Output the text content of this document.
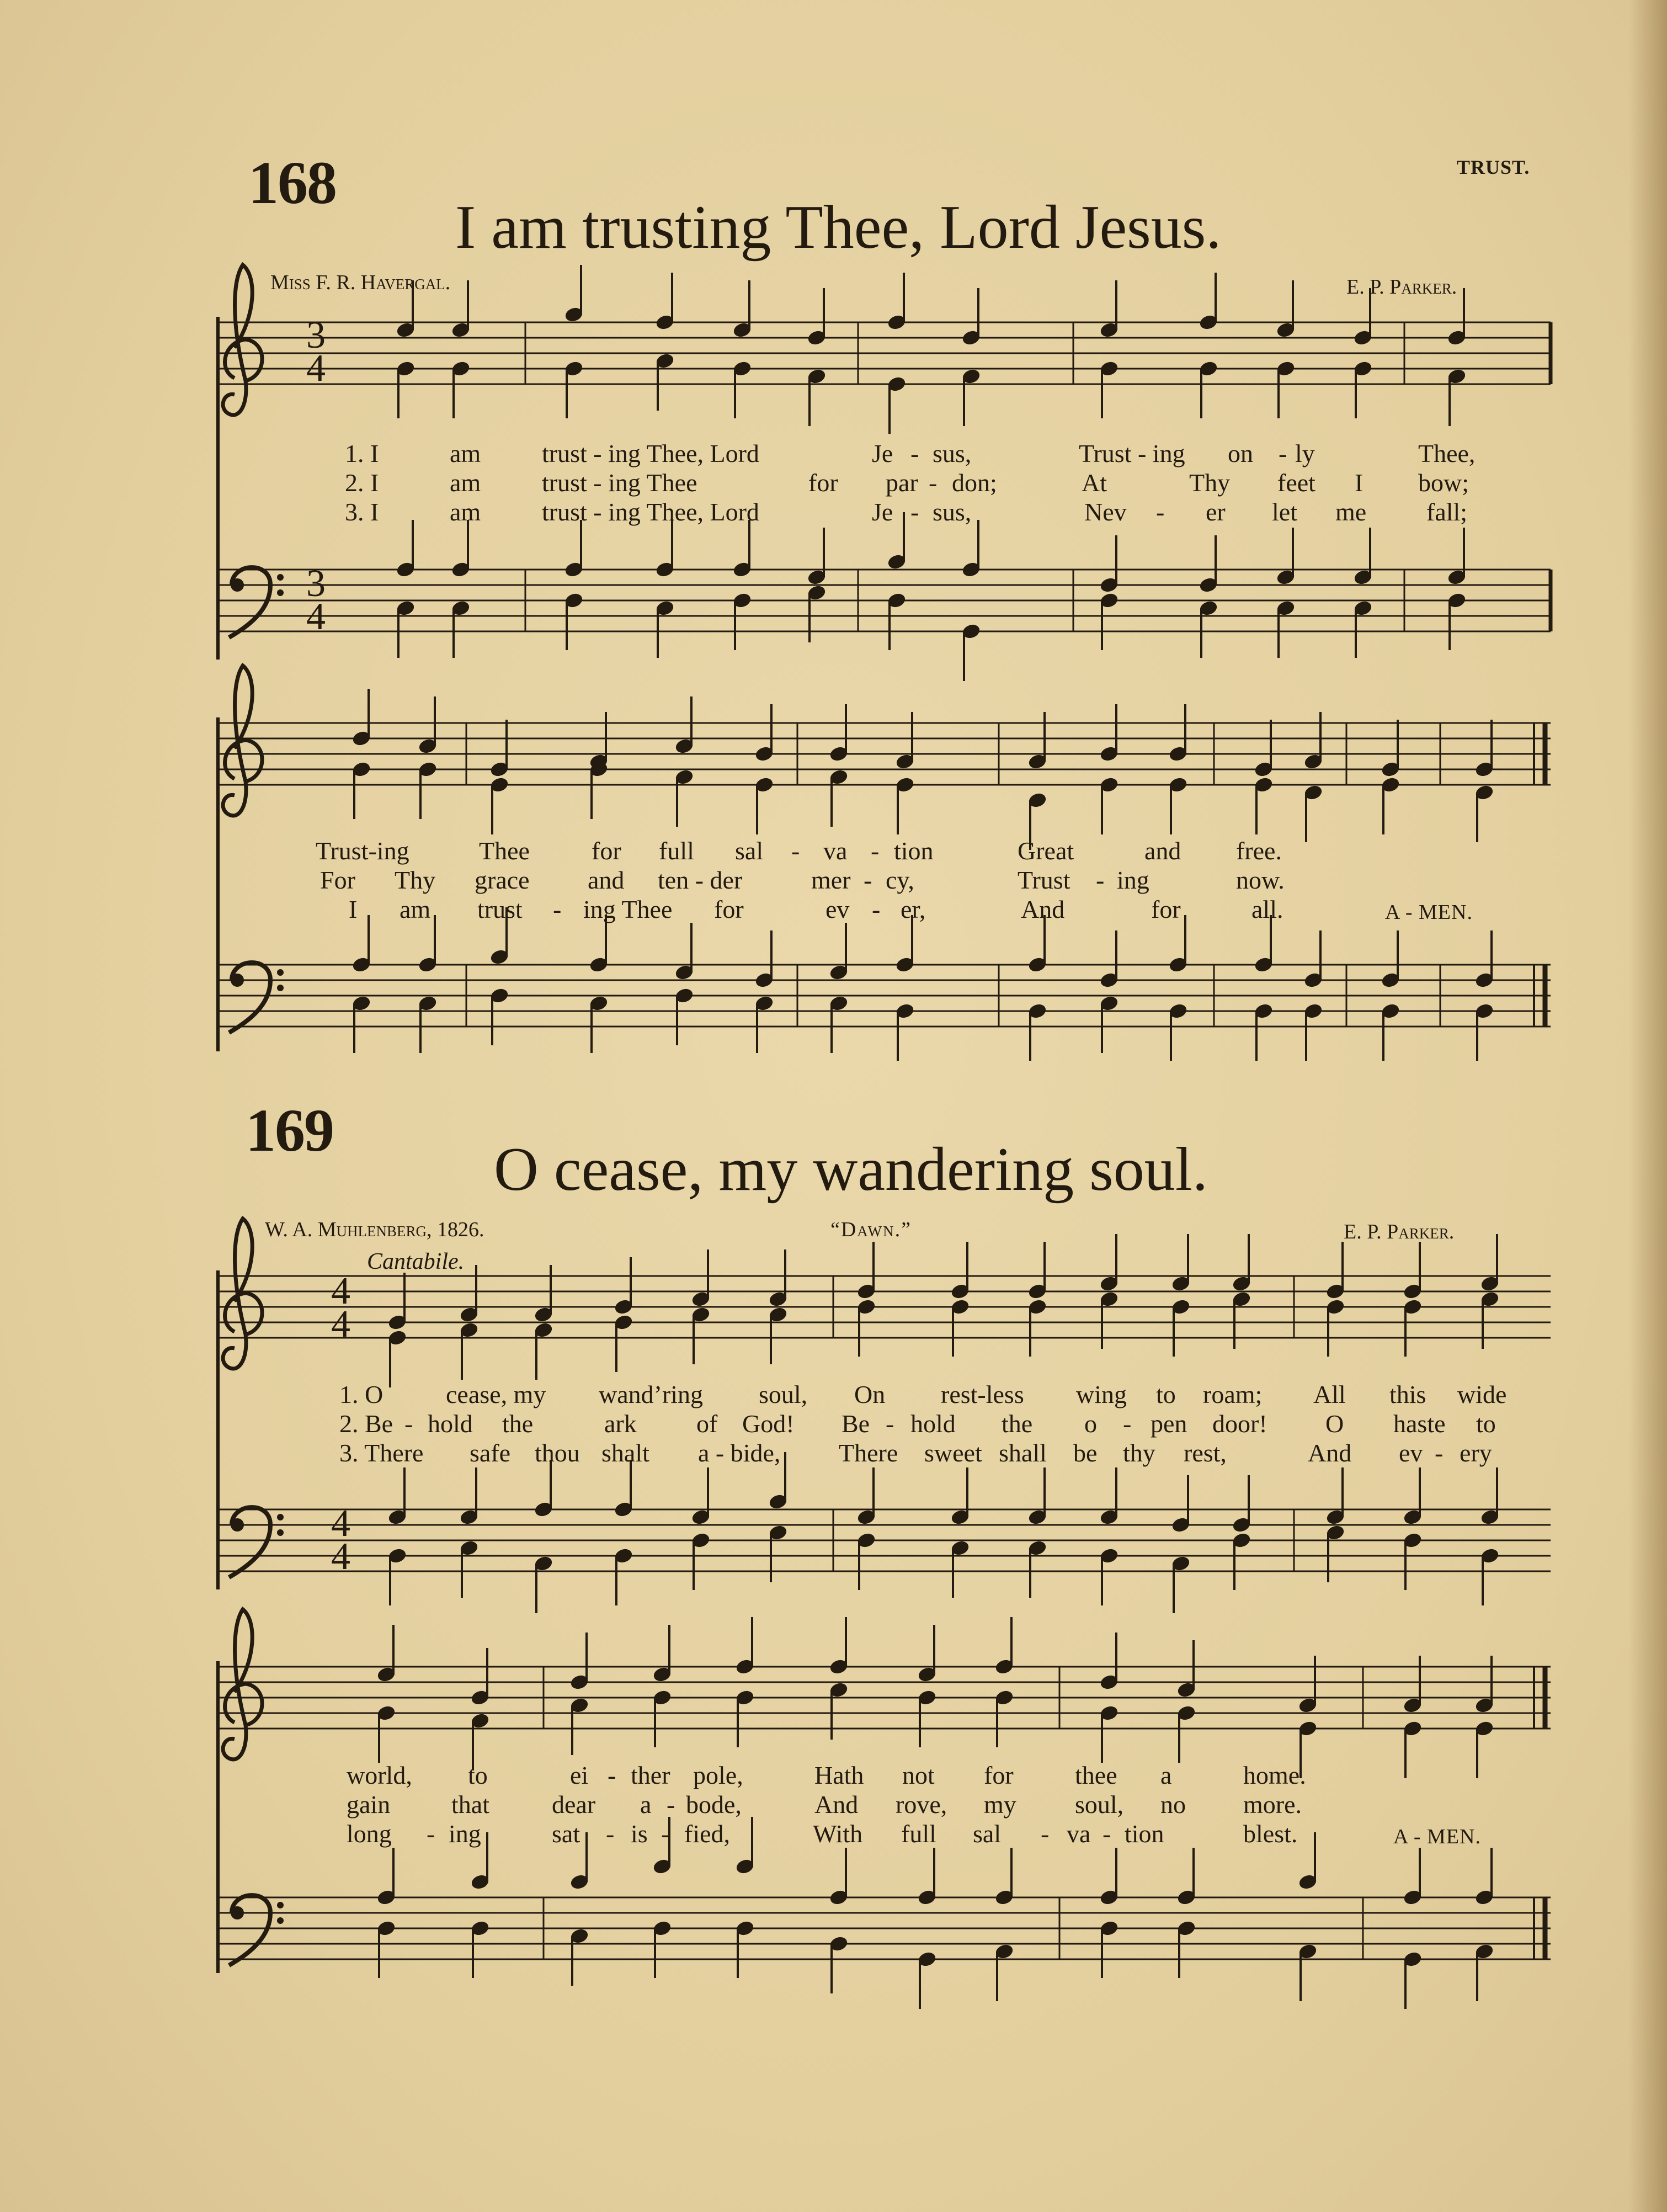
TRUST.
168
I am trusting Thee, Lord Jesus.
Miss F. R. Havergal.	E. P. Parker.
3
4
3
4
4
4
4
4
1. I	am trust - ing Thee, Lord	Je - sus,	Trust - ing on - ly	Thee,
2. I	am trust - ing Thee	for par - don;	At	Thy feet I bow;
3. I	am trust - ing Thee, Lord	Je - sus,	Nev - er let me fall;
Trust-ing	Thee for full sal - va - tion	Great	and free.
For Thy grace and ten - der	mer - cy,	Trust - ing	now.
I am trust - ing Thee for	ev - er,	And	for	all.	A - MEN.
169
O cease, my wandering soul.
W. A. Muhlenberg, 1826.	“Dawn.”	E. P. Parker.
Cantabile.
1. O cease, my wand’ring soul, On rest-less wing to roam; All this wide
2. Be - hold the	ark of God! Be - hold the o - pen door! O haste to
3. There safe thou shalt a - bide, There sweet shall be thy rest,	And ev - ery
world, to	ei - ther pole,	Hath not for thee a	home.
gain that dear a - bode,	And rove, my soul, no more.
long - ing	sat - is - fied,	With full sal - va - tion	blest.	A - MEN.
